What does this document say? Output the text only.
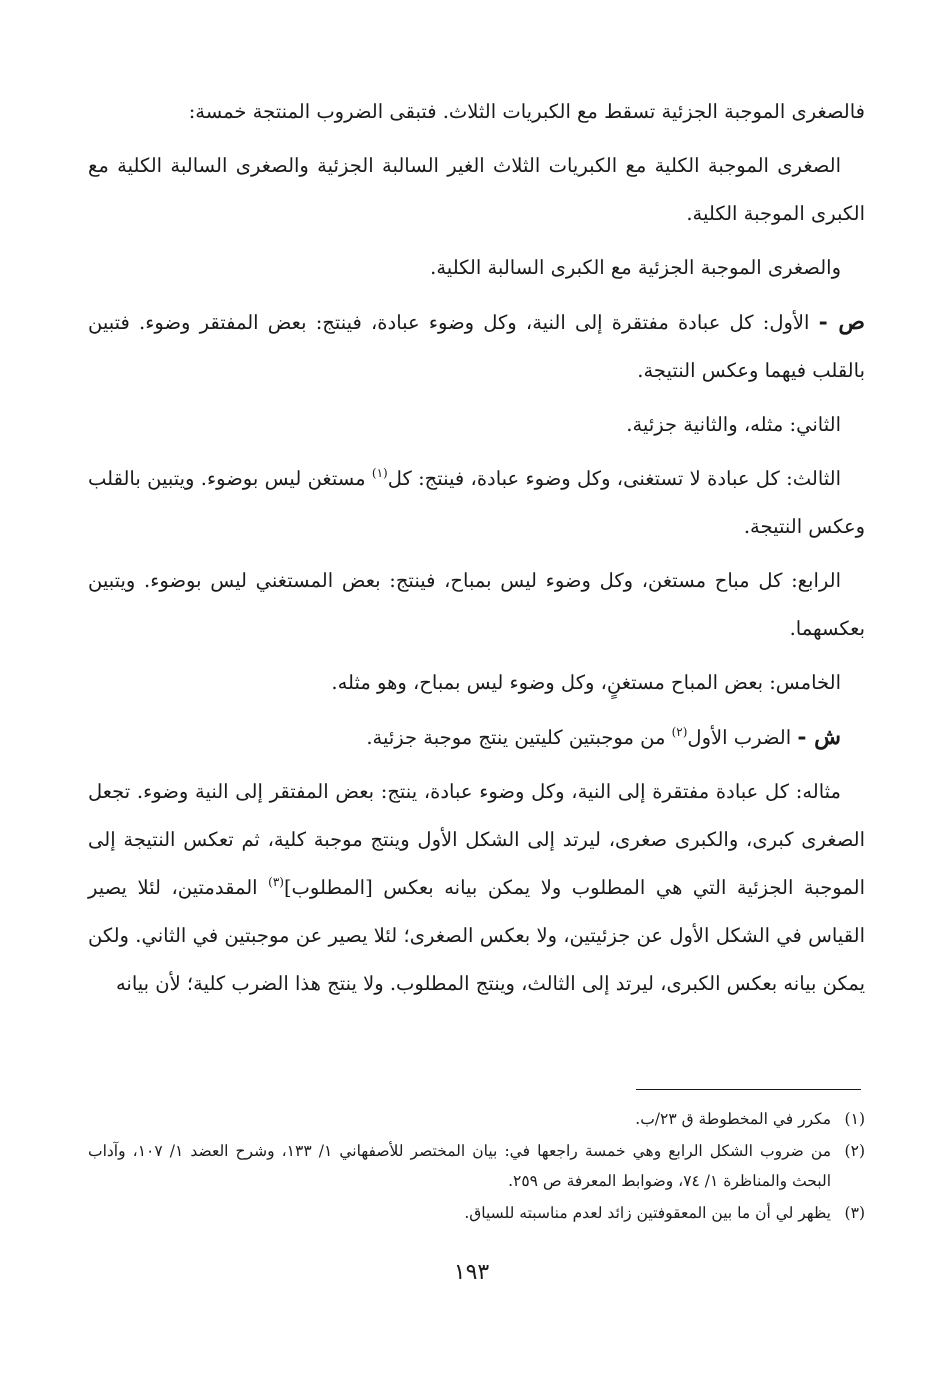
فالصغرى الموجبة الجزئية تسقط مع الكبريات الثلاث. فتبقى الضروب المنتجة خمسة:

الصغرى الموجبة الكلية مع الكبريات الثلاث الغير السالبة الجزئية والصغرى السالبة الكلية مع الكبرى الموجبة الكلية.

والصغرى الموجبة الجزئية مع الكبرى السالبة الكلية.

ص - الأول: كل عبادة مفتقرة إلى النية، وكل وضوء عبادة، فينتج: بعض المفتقر وضوء. فتبين بالقلب فيهما وعكس النتيجة.

الثاني: مثله، والثانية جزئية.

الثالث: كل عبادة لا تستغنى، وكل وضوء عبادة، فينتج: كل$^{(١)}$ مستغن ليس بوضوء. ويتبين بالقلب وعكس النتيجة.

الرابع: كل مباح مستغن، وكل وضوء ليس بمباح، فينتج: بعض المستغني ليس بوضوء. ويتبين بعكسهما.

الخامس: بعض المباح مستغنٍ، وكل وضوء ليس بمباح، وهو مثله.

ش - الضرب الأول$^{(٢)}$ من موجبتين كليتين ينتج موجبة جزئية.

مثاله: كل عبادة مفتقرة إلى النية، وكل وضوء عبادة، ينتج: بعض المفتقر إلى النية وضوء. تجعل الصغرى كبرى، والكبرى صغرى، ليرتد إلى الشكل الأول وينتج موجبة كلية، ثم تعكس النتيجة إلى الموجبة الجزئية التي هي المطلوب ولا يمكن بيانه بعكس [المطلوب]$^{(٣)}$ المقدمتين، لئلا يصير القياس في الشكل الأول عن جزئيتين، ولا بعكس الصغرى؛ لئلا يصير عن موجبتين في الثاني. ولكن يمكن بيانه بعكس الكبرى، ليرتد إلى الثالث، وينتج المطلوب. ولا ينتج هذا الضرب كلية؛ لأن بيانه

(١)
مكرر في المخطوطة ق ٢٣/ب.

(٢)
من ضروب الشكل الرابع وهي خمسة راجعها في: بيان المختصر للأصفهاني ١/ ١٣٣، وشرح العضد ١/ ١٠٧، وآداب البحث والمناظرة ١/ ٧٤، وضوابط المعرفة ص ٢٥٩.

(٣)
يظهر لي أن ما بين المعقوفتين زائد لعدم مناسبته للسياق.

١٩٣
